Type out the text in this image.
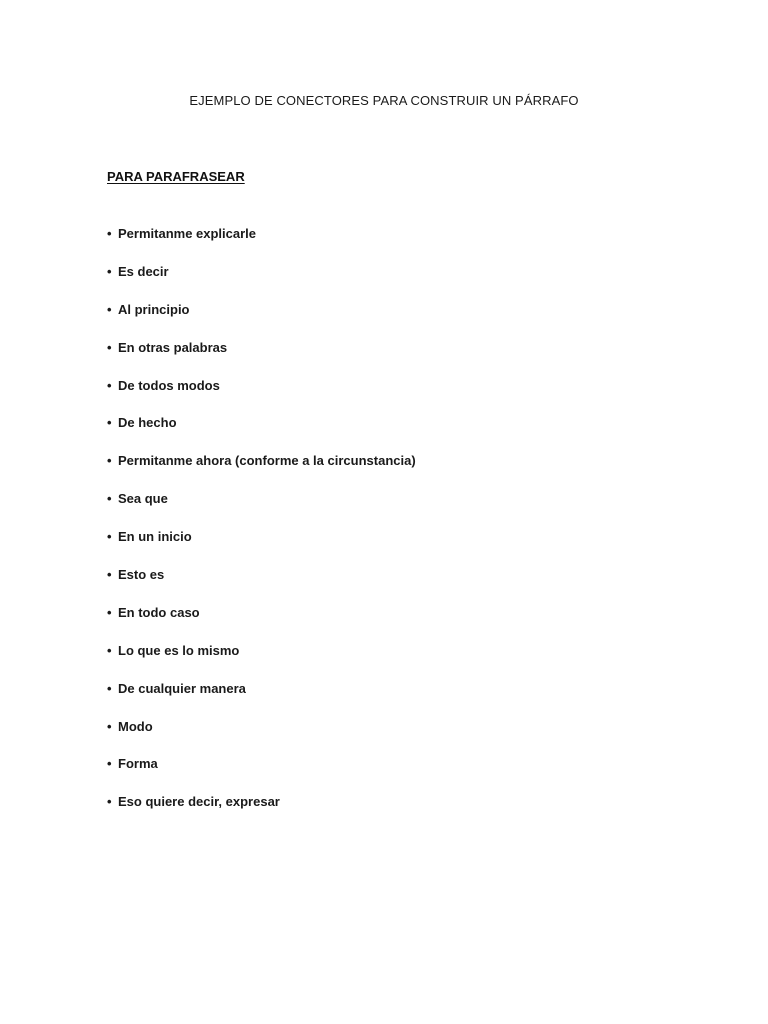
EJEMPLO DE CONECTORES PARA CONSTRUIR UN PÁRRAFO
PARA PARAFRASEAR
• Permitanme explicarle
• Es decir
• Al principio
• En otras palabras
• De todos modos
• De hecho
• Permitanme ahora (conforme a la circunstancia)
• Sea que
• En un inicio
• Esto es
• En todo caso
• Lo que es lo mismo
• De cualquier manera
• Modo
• Forma
• Eso quiere decir, expresar
